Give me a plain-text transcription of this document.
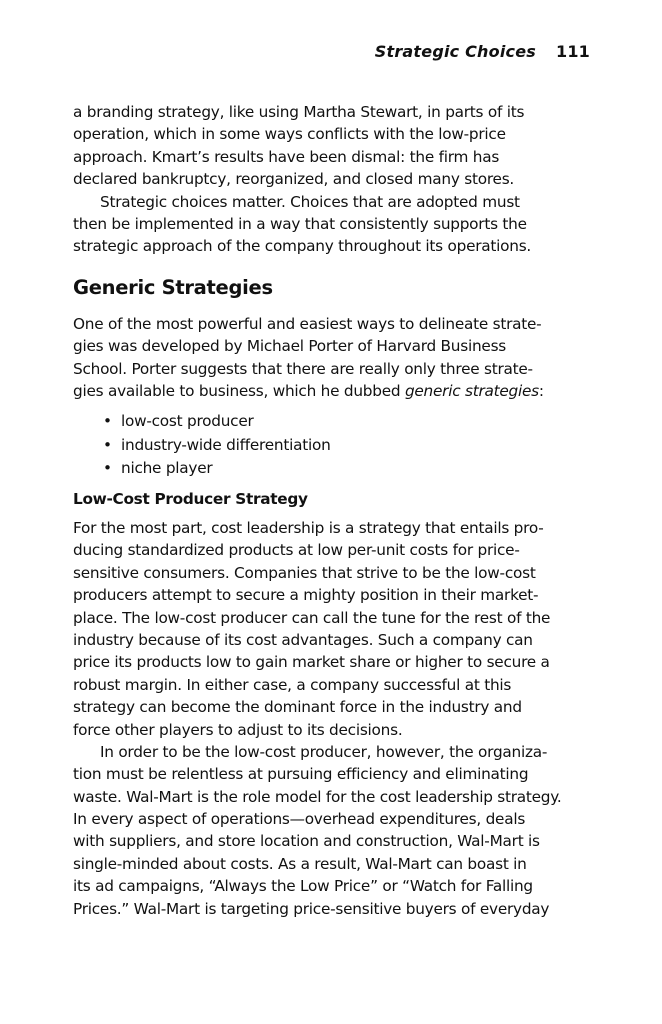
Strategic Choices 111
a branding strategy, like using Martha Stewart, in parts of its
operation, which in some ways conflicts with the low-price
approach. Kmart’s results have been dismal: the firm has
declared bankruptcy, reorganized, and closed many stores.
Strategic choices matter. Choices that are adopted must
then be implemented in a way that consistently supports the
strategic approach of the company throughout its operations.
Generic Strategies
One of the most powerful and easiest ways to delineate strate-
gies was developed by Michael Porter of Harvard Business
School. Porter suggests that there are really only three strate-
gies available to business, which he dubbed generic strategies:
• low-cost producer
• industry-wide differentiation
• niche player
Low-Cost Producer Strategy
For the most part, cost leadership is a strategy that entails pro-
ducing standardized products at low per-unit costs for price-
sensitive consumers. Companies that strive to be the low-cost
producers attempt to secure a mighty position in their market-
place. The low-cost producer can call the tune for the rest of the
industry because of its cost advantages. Such a company can
price its products low to gain market share or higher to secure a
robust margin. In either case, a company successful at this
strategy can become the dominant force in the industry and
force other players to adjust to its decisions.
In order to be the low-cost producer, however, the organiza-
tion must be relentless at pursuing efficiency and eliminating
waste. Wal-Mart is the role model for the cost leadership strategy.
In every aspect of operations—overhead expenditures, deals
with suppliers, and store location and construction, Wal-Mart is
single-minded about costs. As a result, Wal-Mart can boast in
its ad campaigns, “Always the Low Price” or “Watch for Falling
Prices.” Wal-Mart is targeting price-sensitive buyers of everyday
